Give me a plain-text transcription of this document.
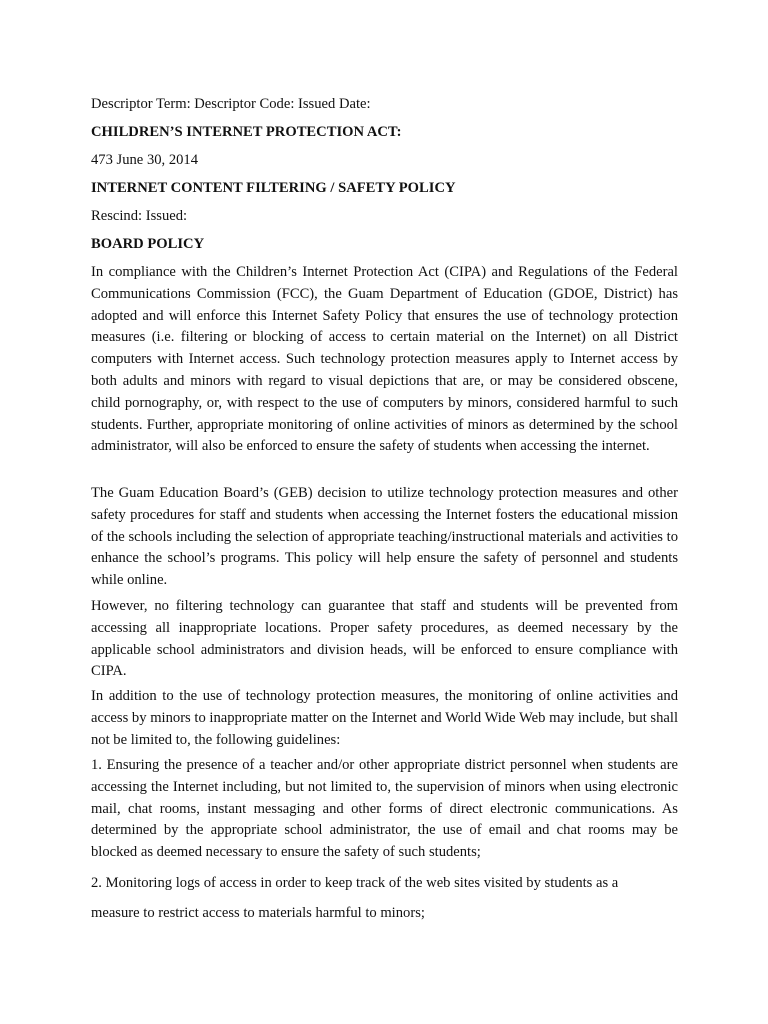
Descriptor Term: Descriptor Code: Issued Date:

CHILDREN’S INTERNET PROTECTION ACT:

473 June 30, 2014

INTERNET CONTENT FILTERING / SAFETY POLICY

Rescind: Issued:

BOARD POLICY

In compliance with the Children’s Internet Protection Act (CIPA) and Regulations of the Federal Communications Commission (FCC), the Guam Department of Education (GDOE, District) has adopted and will enforce this Internet Safety Policy that ensures the use of technology protection measures (i.e. filtering or blocking of access to certain material on the Internet) on all District computers with Internet access. Such technology protection measures apply to Internet access by both adults and minors with regard to visual depictions that are, or may be considered obscene, child pornography, or, with respect to the use of computers by minors, considered harmful to such students. Further, appropriate monitoring of online activities of minors as determined by the school administrator, will also be enforced to ensure the safety of students when accessing the internet.

The Guam Education Board’s (GEB) decision to utilize technology protection measures and other safety procedures for staff and students when accessing the Internet fosters the educational mission of the schools including the selection of appropriate teaching/instructional materials and activities to enhance the school’s programs. This policy will help ensure the safety of personnel and students while online.

However, no filtering technology can guarantee that staff and students will be prevented from accessing all inappropriate locations. Proper safety procedures, as deemed necessary by the applicable school administrators and division heads, will be enforced to ensure compliance with CIPA.

In addition to the use of technology protection measures, the monitoring of online activities and access by minors to inappropriate matter on the Internet and World Wide Web may include, but shall not be limited to, the following guidelines:

1. Ensuring the presence of a teacher and/or other appropriate district personnel when students are accessing the Internet including, but not limited to, the supervision of minors when using electronic mail, chat rooms, instant messaging and other forms of direct electronic communications. As determined by the appropriate school administrator, the use of email and chat rooms may be blocked as deemed necessary to ensure the safety of such students;

2. Monitoring logs of access in order to keep track of the web sites visited by students as a

measure to restrict access to materials harmful to minors;
